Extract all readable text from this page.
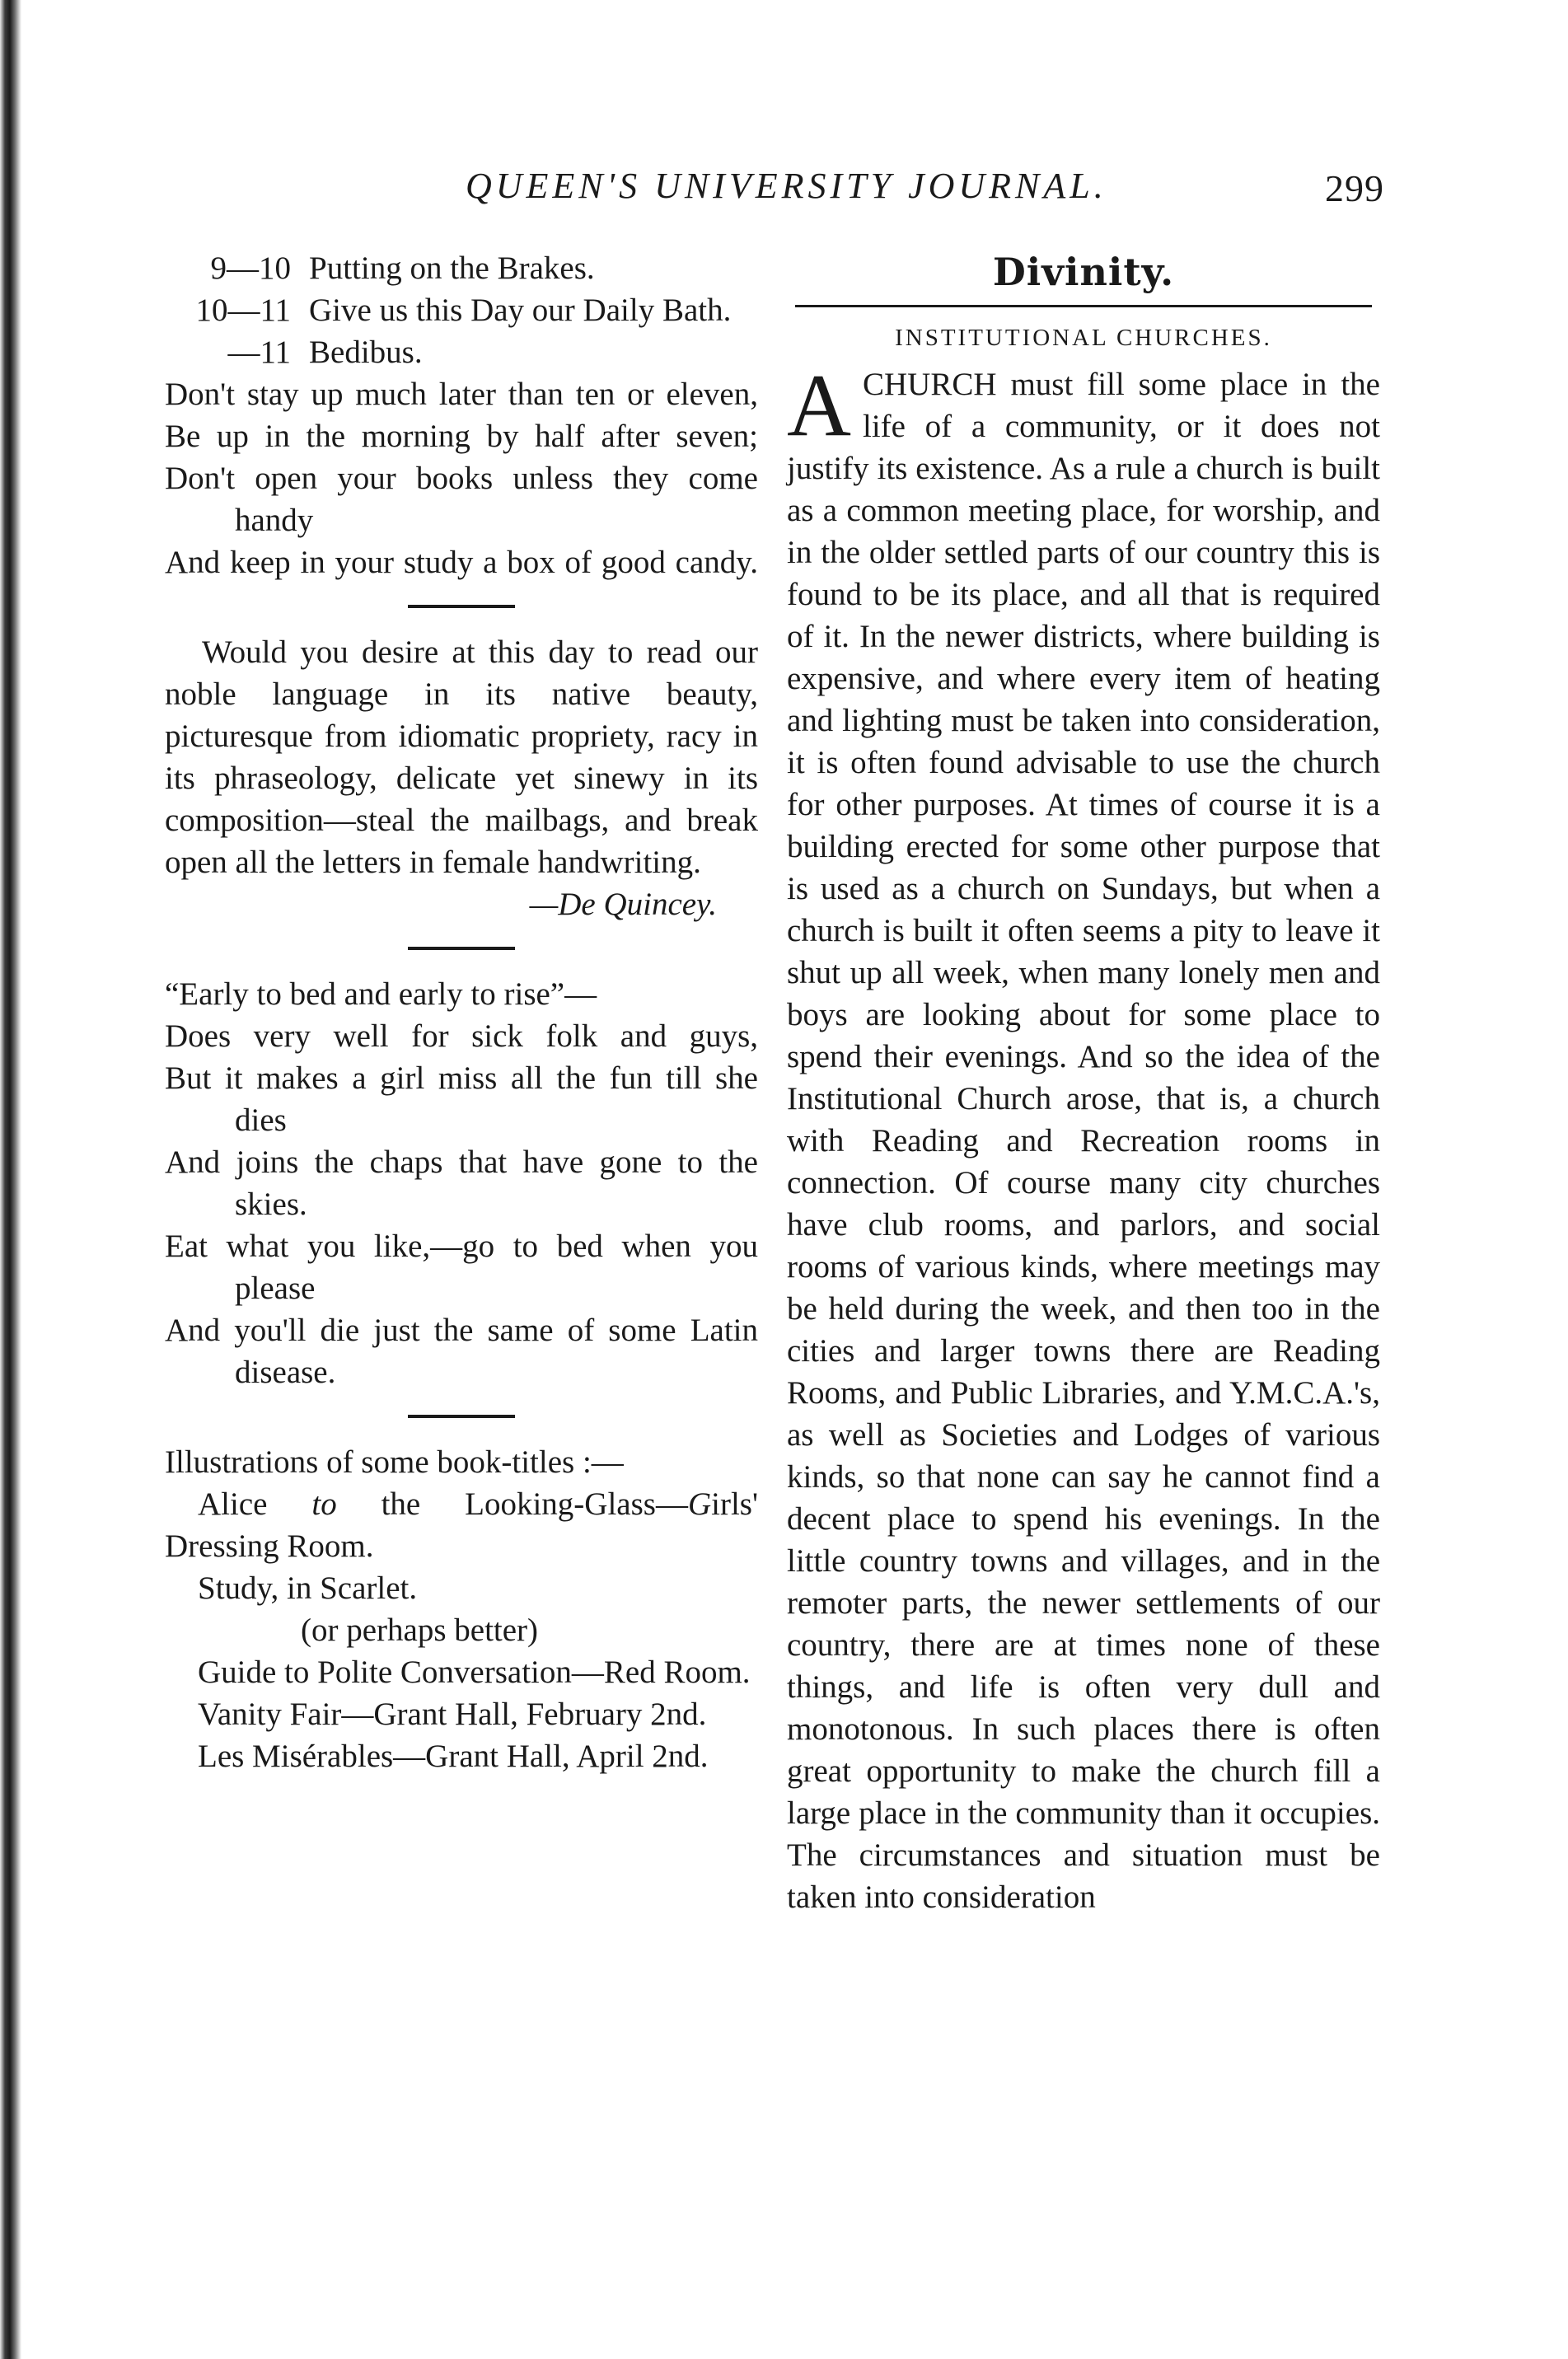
QUEEN'S UNIVERSITY JOURNAL.	299
9—10 Putting on the Brakes.
10—11 Give us this Day our Daily Bath.
—11 Bedibus.
Don't stay up much later than ten or eleven,
Be up in the morning by half after seven;
Don't open your books unless they come handy
And keep in your study a box of good candy.

Would you desire at this day to read our noble language in its native beauty, picturesque from idiomatic propriety, racy in its phraseology, delicate yet sinewy in its composition—steal the mailbags, and break open all the letters in female handwriting.

—De Quincey.
“Early to bed and early to rise”—
Does very well for sick folk and guys,
But it makes a girl miss all the fun till she dies
And joins the chaps that have gone to the skies.
Eat what you like,—go to bed when you please
And you'll die just the same of some Latin disease.
Illustrations of some book-titles :—
Alice to the Looking-Glass—Girls' Dressing Room.
Study, in Scarlet.
(or perhaps better)
Guide to Polite Conversation—Red Room.
Vanity Fair—Grant Hall, February 2nd.
Les Misérables—Grant Hall, April 2nd.
Divinity.
INSTITUTIONAL CHURCHES.
ACHURCH must fill some place in the life of a community, or it does not justify its existence. As a rule a church is built as a common meeting place, for worship, and in the older settled parts of our country this is found to be its place, and all that is required of it. In the newer districts, where building is expensive, and where every item of heating and lighting must be taken into consideration, it is often found advisable to use the church for other purposes. At times of course it is a building erected for some other purpose that is used as a church on Sundays, but when a church is built it often seems a pity to leave it shut up all week, when many lonely men and boys are looking about for some place to spend their evenings. And so the idea of the Institutional Church arose, that is, a church with Reading and Recreation rooms in connection. Of course many city churches have club rooms, and parlors, and social rooms of various kinds, where meetings may be held during the week, and then too in the cities and larger towns there are Reading Rooms, and Public Libraries, and Y.M.C.A.'s, as well as Societies and Lodges of various kinds, so that none can say he cannot find a decent place to spend his evenings. In the little country towns and villages, and in the remoter parts, the newer settlements of our country, there are at times none of these things, and life is often very dull and monotonous. In such places there is often great opportunity to make the church fill a large place in the community than it occupies. The circumstances and situation must be taken into consideration
